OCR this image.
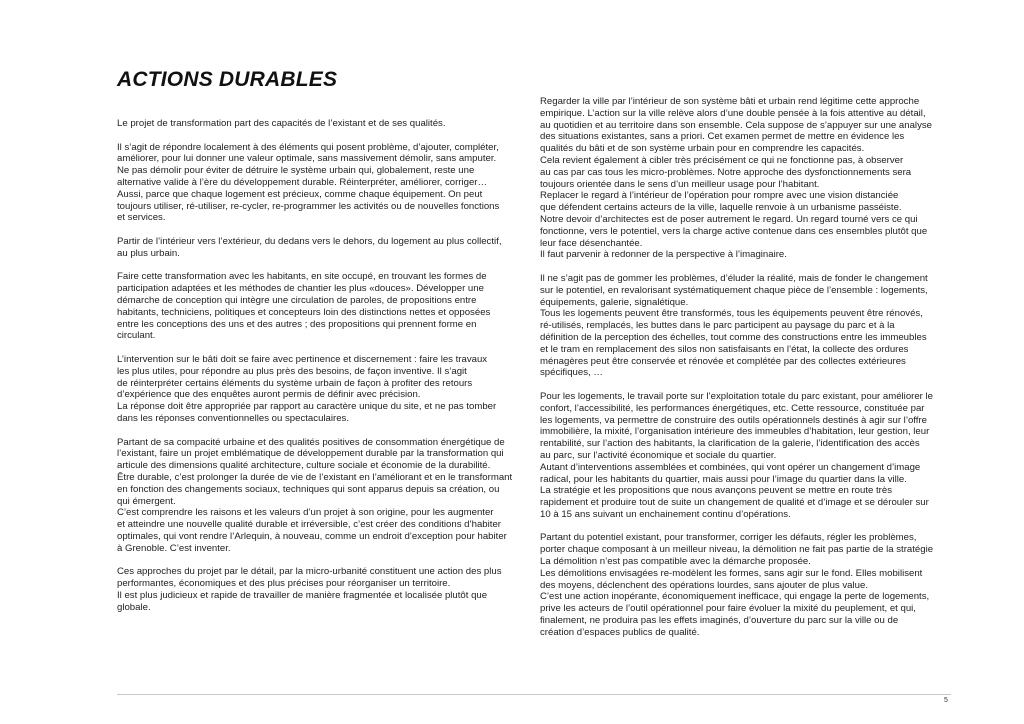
ACTIONS DURABLES

Le projet de transformation part des capacités de l’existant et de ses qualités.

Il s’agit de répondre localement à des éléments qui posent problème, d’ajouter, compléter,
améliorer, pour lui donner une valeur optimale, sans massivement démolir, sans amputer.
Ne pas démolir pour éviter de détruire le système urbain qui, globalement, reste une
alternative valide à l’ère du développement durable. Réinterpréter, améliorer, corriger…
Aussi, parce que chaque logement est précieux, comme chaque équipement. On peut
toujours utiliser, ré-utiliser, re-cycler, re-programmer les activités ou de nouvelles fonctions
et services.

Partir de l’intérieur vers l’extérieur, du dedans vers le dehors, du logement au plus collectif,
au plus urbain.

Faire cette transformation avec les habitants, en site occupé, en trouvant les formes de
participation adaptées et les méthodes de chantier les plus «douces». Développer une
démarche de conception qui intègre une circulation de paroles, de propositions entre
habitants, techniciens, politiques et concepteurs loin des distinctions nettes et opposées
entre les conceptions des uns et des autres ; des propositions qui prennent forme en
circulant.

L’intervention sur le bâti doit se faire avec pertinence et discernement : faire les travaux
les plus utiles, pour répondre au plus près des besoins, de façon inventive. Il s’agit
de réinterpréter certains éléments du système urbain de façon à profiter des retours
d’expérience que des enquêtes auront permis de définir avec précision.
La réponse doit être appropriée par rapport au caractère unique du site, et ne pas tomber
dans les réponses conventionnelles ou spectaculaires.

Partant de sa compacité urbaine et des qualités positives de consommation énergétique de
l’existant, faire un projet emblématique de développement durable par la transformation qui
articule des dimensions qualité architecture, culture sociale et économie de la durabilité.
Être durable, c’est prolonger la durée de vie de l’existant en l’améliorant et en le transformant
en fonction des changements sociaux, techniques qui sont apparus depuis sa création, ou
qui émergent.
C’est comprendre les raisons et les valeurs d’un projet à son origine, pour les augmenter
et atteindre une nouvelle qualité durable et irréversible, c’est créer des conditions d’habiter
optimales, qui vont rendre l’Arlequin, à nouveau, comme un endroit d’exception pour habiter
à Grenoble. C’est inventer.

Ces approches du projet par le détail, par la micro-urbanité constituent une action des plus
performantes, économiques et des plus précises pour réorganiser un territoire.
Il est plus judicieux et rapide de travailler de manière fragmentée et localisée plutôt que
globale.

Regarder la ville par l’intérieur de son système bâti et urbain rend légitime cette approche
empirique. L’action sur la ville relève alors d’une double pensée à la fois attentive au détail,
au quotidien et au territoire dans son ensemble. Cela suppose de s’appuyer sur une analyse
des situations existantes, sans a priori. Cet examen permet de mettre en évidence les
qualités du bâti et de son système urbain pour en comprendre les capacités.
Cela revient également à cibler très précisément ce qui ne fonctionne pas, à observer
au cas par cas tous les micro-problèmes. Notre approche des dysfonctionnements sera
toujours orientée dans le sens d’un meilleur usage pour l’habitant.
Replacer le regard à l’intérieur de l’opération pour rompre avec une vision distanciée
que défendent certains acteurs de la ville, laquelle renvoie à un urbanisme passéiste.
Notre devoir d’architectes est de poser autrement le regard. Un regard tourné vers ce qui
fonctionne, vers le potentiel, vers la charge active contenue dans ces ensembles plutôt que
leur face désenchantée.
Il faut parvenir à redonner de la perspective à l’imaginaire.

Il ne s’agit pas de gommer les problèmes, d’éluder la réalité, mais de fonder le changement
sur le potentiel, en revalorisant systématiquement chaque pièce de l’ensemble : logements,
équipements, galerie, signalétique.
Tous les logements peuvent être transformés, tous les équipements peuvent être rénovés,
ré-utilisés, remplacés, les buttes dans le parc participent au paysage du parc et à la
définition de la perception des échelles, tout comme des constructions entre les immeubles
et le tram en remplacement des silos non satisfaisants en l’état, la collecte des ordures
ménagères peut être conservée et rénovée et complétée par des collectes extérieures
spécifiques, …

Pour les logements, le travail porte sur l’exploitation totale du parc existant, pour améliorer le
confort, l’accessibilité, les performances énergétiques, etc. Cette ressource, constituée par
les logements, va permettre de construire des outils opérationnels destinés à agir sur l’offre
immobilière, la mixité, l’organisation intérieure des immeubles d’habitation, leur gestion, leur
rentabilité, sur l’action des habitants, la clarification de la galerie, l’identification des accès
au parc, sur l’activité économique et sociale du quartier.
Autant d’interventions assemblées et combinées, qui vont opérer un changement d’image
radical, pour les habitants du quartier, mais aussi pour l’image du quartier dans la ville.
La stratégie et les propositions que nous avançons peuvent se mettre en route très
rapidement et produire tout de suite un changement de qualité et d’image et se dérouler sur
10 à 15 ans suivant un enchainement continu d’opérations.

Partant du potentiel existant, pour transformer, corriger les défauts, régler les problèmes,
porter chaque composant à un meilleur niveau, la démolition ne fait pas partie de la stratégie
La démolition n’est pas compatible avec la démarche proposée.
Les démolitions envisagées re-modèlent les formes, sans agir sur le fond. Elles mobilisent
des moyens, déclenchent des opérations lourdes, sans ajouter de plus value.
C’est une action inopérante, économiquement inefficace, qui engage la perte de logements,
prive les acteurs de l’outil opérationnel pour faire évoluer la mixité du peuplement, et qui,
finalement, ne produira pas les effets imaginés, d’ouverture du parc sur la ville ou de
création d’espaces publics de qualité.

5
